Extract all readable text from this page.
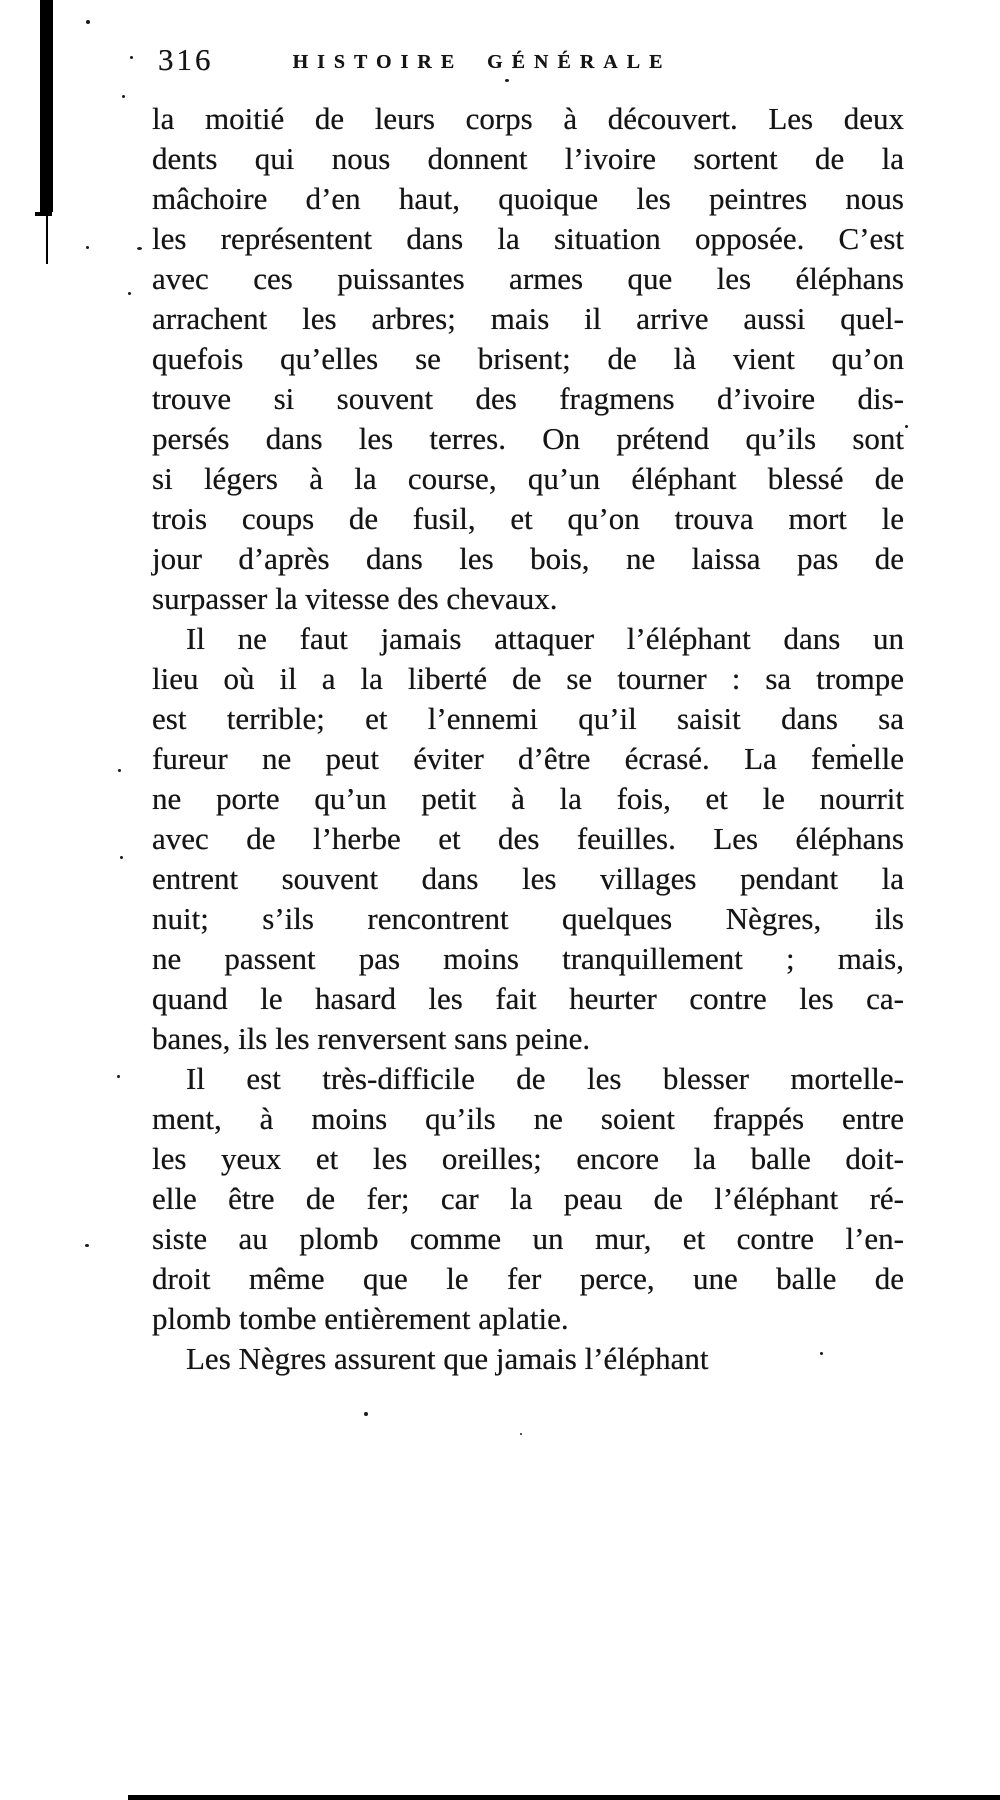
316	HISTOIRE GÉNÉRALE
la moitié de leurs corps à découvert. Les deux
dents qui nous donnent l’ivoire sortent de la
mâchoire d’en haut, quoique les peintres nous
les représentent dans la situation opposée. C’est
avec ces puissantes armes que les éléphans
arrachent les arbres; mais il arrive aussi quel-
quefois qu’elles se brisent; de là vient qu’on
trouve si souvent des fragmens d’ivoire dis-
persés dans les terres. On prétend qu’ils sont
si légers à la course, qu’un éléphant blessé de
trois coups de fusil, et qu’on trouva mort le
jour d’après dans les bois, ne laissa pas de
surpasser la vitesse des chevaux.
Il ne faut jamais attaquer l’éléphant dans un
lieu où il a la liberté de se tourner : sa trompe
est terrible; et l’ennemi qu’il saisit dans sa
fureur ne peut éviter d’être écrasé. La femelle
ne porte qu’un petit à la fois, et le nourrit
avec de l’herbe et des feuilles. Les éléphans
entrent souvent dans les villages pendant la
nuit; s’ils rencontrent quelques Nègres, ils
ne passent pas moins tranquillement ; mais,
quand le hasard les fait heurter contre les ca-
banes, ils les renversent sans peine.
Il est très-difficile de les blesser mortelle-
ment, à moins qu’ils ne soient frappés entre
les yeux et les oreilles; encore la balle doit-
elle être de fer; car la peau de l’éléphant ré-
siste au plomb comme un mur, et contre l’en-
droit même que le fer perce, une balle de
plomb tombe entièrement aplatie.
Les Nègres assurent que jamais l’éléphant
